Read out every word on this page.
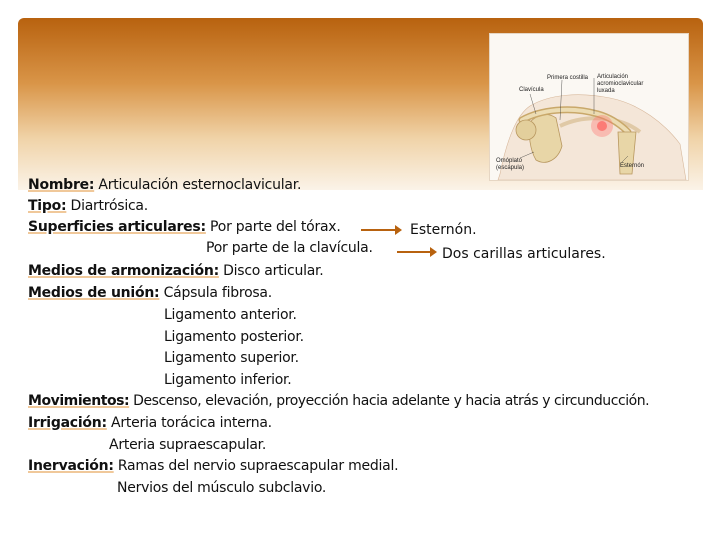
Primera costilla Articulación
acromioclavicular
luxada
Clavícula
Omóplato
(escápula)	Esternón
Nombre: Articulación esternoclavicular.
Tipo: Diartrósica.
Superficies articulares: Por parte del tórax.	Esternón.
Por parte de la clavícula.	Dos carillas articulares.
Medios de armonización: Disco articular.
Medios de unión: Cápsula fibrosa.
Ligamento anterior.
Ligamento posterior.
Ligamento superior.
Ligamento inferior.
Movimientos: Descenso, elevación, proyección hacia adelante y hacia atrás y circunducción.
Irrigación: Arteria torácica interna.
Arteria supraescapular.
Inervación: Ramas del nervio supraescapular medial.
Nervios del músculo subclavio.
